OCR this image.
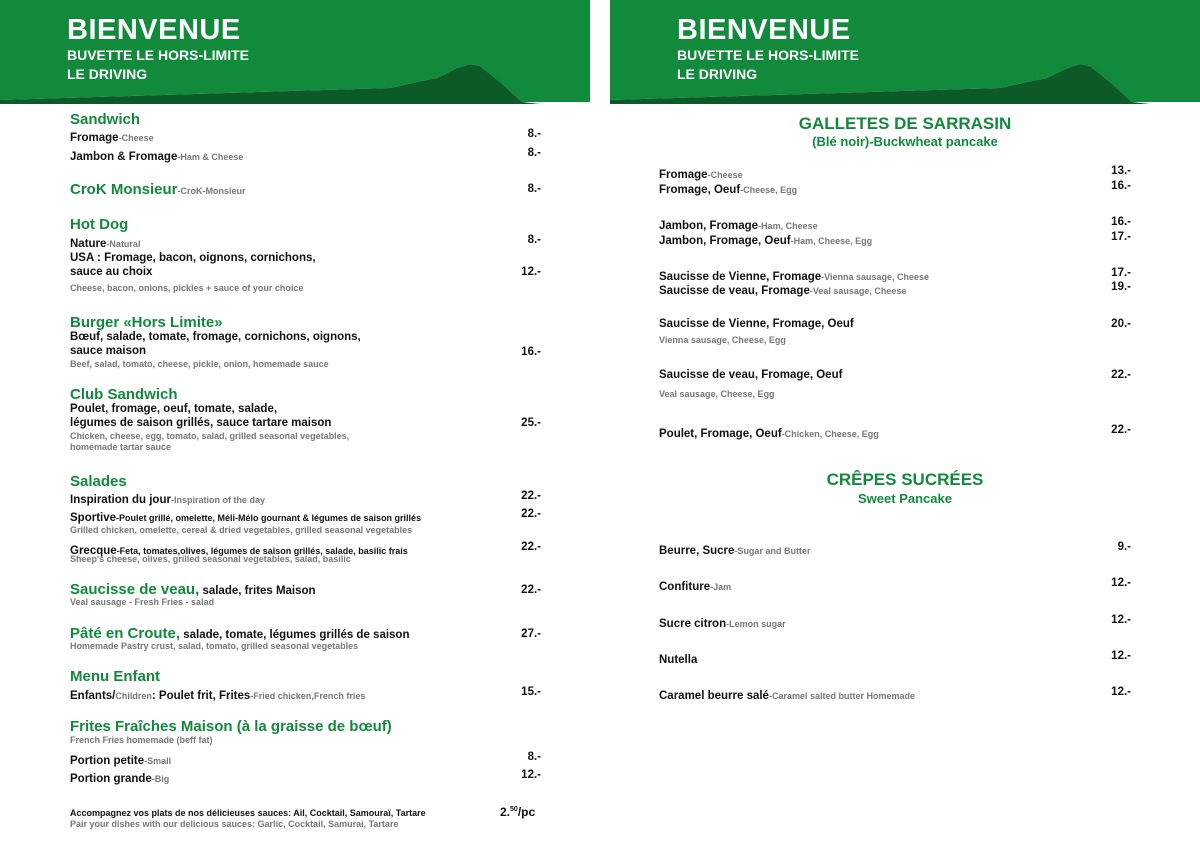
BIENVENUE
BUVETTE LE HORS-LIMITE
LE DRIVING
Sandwich
Fromage-Cheese	8.-
Jambon & Fromage-Ham & Cheese	8.-
CroK Monsieur-CroK-Monsieur	8.-
Hot Dog
Nature-Natural	8.-
USA : Fromage, bacon, oignons, cornichons,
sauce au choix	12.-
Cheese, bacon, onions, pickles + sauce of your choice
Burger «Hors Limite»
Bœuf, salade, tomate, fromage, cornichons, oignons,
sauce maison	16.-
Beef, salad, tomato, cheese, pickle, onion, homemade sauce
Club Sandwich
Poulet, fromage, oeuf, tomate, salade,
légumes de saison grillés, sauce tartare maison	25.-
Chicken, cheese, egg, tomato, salad, grilled seasonal vegetables,
homemade tartar sauce
Salades
Inspiration du jour-Inspiration of the day	22.-
Sportive-Poulet grillé, omelette, Méli-Mélo gournant & légumes de saison grillés	22.-
Grilled chicken, omelette, cereal & dried vegetables, grilled seasonal vegetables
Grecque-Feta, tomates,olives, légumes de saison grillés, salade, basilic frais	22.-
Sheep's cheese, olives, grilled seasonal vegetables, salad, basilic
Saucisse de veau, salade, frites Maison	22.-
Veal sausage - Fresh Fries - salad
Pâté en Croute, salade, tomate, légumes grillés de saison	27.-
Homemade Pastry crust, salad, tomato, grilled seasonal vegetables
Menu Enfant
Enfants/Children: Poulet frit, Frites-Fried chicken,French fries	15.-
Frites Fraîches Maison (à la graisse de bœuf)
French Fries homemade (beff fat)
Portion petite-Small	8.-
Portion grande-Big	12.-
Accompagnez vos plats de nos délicieuses sauces: Ail, Cocktail, Samouraï, Tartare
Pair your dishes with our delicious sauces: Garlic, Cocktail, Samurai, Tartare
2.50/pc
BIENVENUE
BUVETTE LE HORS-LIMITE
LE DRIVING
GALLETES DE SARRASIN
(Blé noir)-Buckwheat pancake
Fromage-Cheese	13.-
Fromage, Oeuf-Cheese, Egg	16.-
Jambon, Fromage-Ham, Cheese	16.-
Jambon, Fromage, Oeuf-Ham, Cheese, Egg	17.-
Saucisse de Vienne, Fromage-Vienna sausage, Cheese	17.-
Saucisse de veau, Fromage-Veal sausage, Cheese	19.-
Saucisse de Vienne, Fromage, Oeuf	20.-
Vienna sausage, Cheese, Egg
Saucisse de veau, Fromage, Oeuf	22.-
Veal sausage, Cheese, Egg
Poulet, Fromage, Oeuf-Chicken, Cheese, Egg	22.-
CRÊPES SUCRÉES
Sweet Pancake
Beurre, Sucre-Sugar and Butter	9.-
Confiture-Jam	12.-
Sucre citron-Lemon sugar	12.-
Nutella	12.-
Caramel beurre salé-Caramel salted butter Homemade	12.-
